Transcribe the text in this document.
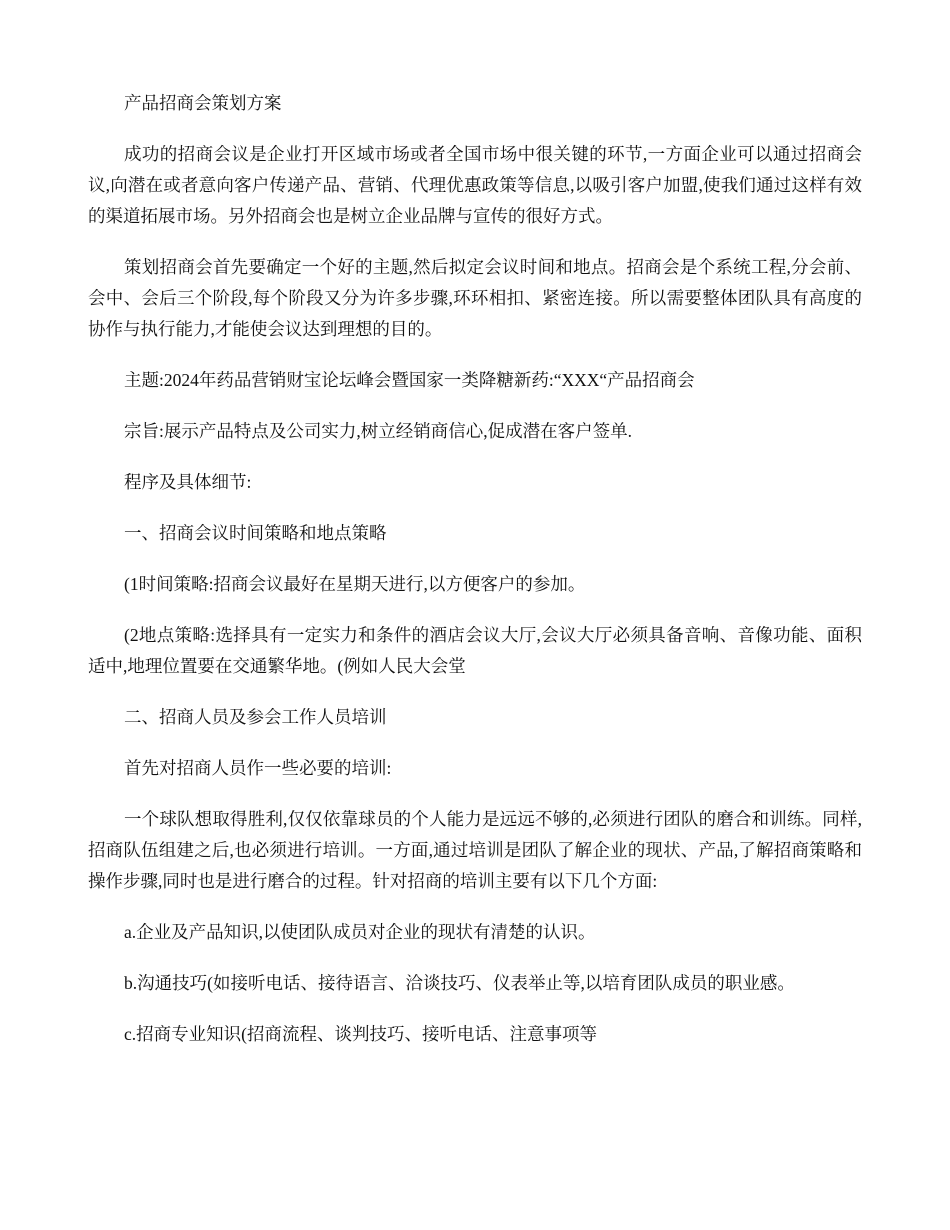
产品招商会策划方案

成功的招商会议是企业打开区域市场或者全国市场中很关键的环节,一方面企业可以通过招商会议,向潜在或者意向客户传递产品、营销、代理优惠政策等信息,以吸引客户加盟,使我们通过这样有效的渠道拓展市场。另外招商会也是树立企业品牌与宣传的很好方式。

策划招商会首先要确定一个好的主题,然后拟定会议时间和地点。招商会是个系统工程,分会前、会中、会后三个阶段,每个阶段又分为许多步骤,环环相扣、紧密连接。所以需要整体团队具有高度的协作与执行能力,才能使会议达到理想的目的。

主题:2024年药品营销财宝论坛峰会暨国家一类降糖新药:“XXX“产品招商会

宗旨:展示产品特点及公司实力,树立经销商信心,促成潜在客户签单.

程序及具体细节:

一、招商会议时间策略和地点策略

(1时间策略:招商会议最好在星期天进行,以方便客户的参加。

(2地点策略:选择具有一定实力和条件的酒店会议大厅,会议大厅必须具备音响、音像功能、面积适中,地理位置要在交通繁华地。(例如人民大会堂

二、招商人员及参会工作人员培训

首先对招商人员作一些必要的培训:

一个球队想取得胜利,仅仅依靠球员的个人能力是远远不够的,必须进行团队的磨合和训练。同样,招商队伍组建之后,也必须进行培训。一方面,通过培训是团队了解企业的现状、产品,了解招商策略和操作步骤,同时也是进行磨合的过程。针对招商的培训主要有以下几个方面:

a.企业及产品知识,以使团队成员对企业的现状有清楚的认识。

b.沟通技巧(如接听电话、接待语言、洽谈技巧、仪表举止等,以培育团队成员的职业感。

c.招商专业知识(招商流程、谈判技巧、接听电话、注意事项等
